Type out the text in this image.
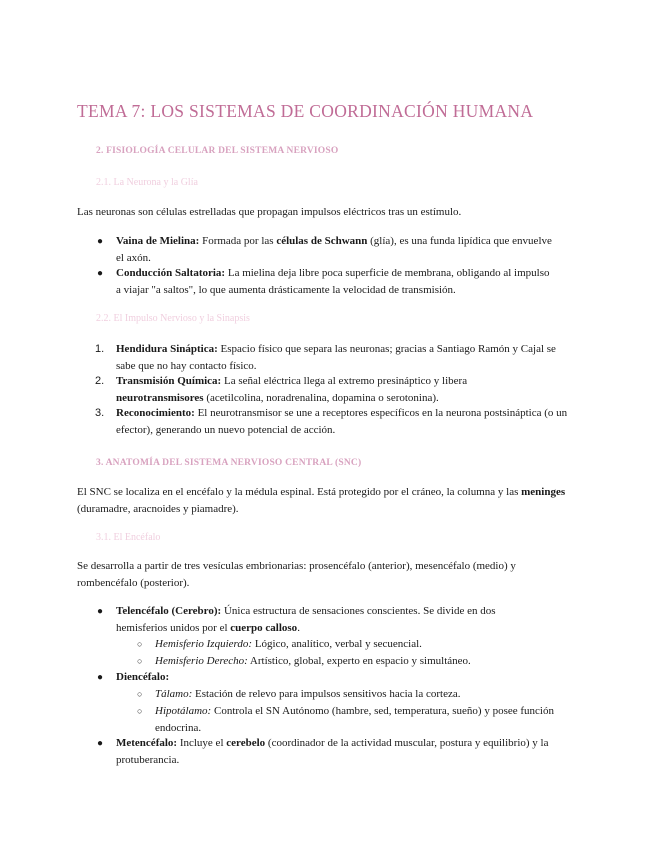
TEMA 7: LOS SISTEMAS DE COORDINACIÓN HUMANA
2. FISIOLOGÍA CELULAR DEL SISTEMA NERVIOSO
2.1. La Neurona y la Glía

Las neuronas son células estrelladas que propagan impulsos eléctricos tras un estímulo.

● Vaina de Mielina: Formada por las células de Schwann (glía), es una funda lipídica que envuelve el axón.
● Conducción Saltatoria: La mielina deja libre poca superficie de membrana, obligando al impulso a viajar "a saltos", lo que aumenta drásticamente la velocidad de transmisión.
2.2. El Impulso Nervioso y la Sinapsis
1. Hendidura Sináptica: Espacio físico que separa las neuronas; gracias a Santiago Ramón y Cajal se sabe que no hay contacto físico.
2. Transmisión Química: La señal eléctrica llega al extremo presináptico y libera neurotransmisores (acetilcolina, noradrenalina, dopamina o serotonina).
3. Reconocimiento: El neurotransmisor se une a receptores específicos en la neurona postsináptica (o un efector), generando un nuevo potencial de acción.
3. ANATOMÍA DEL SISTEMA NERVIOSO CENTRAL (SNC)

El SNC se localiza en el encéfalo y la médula espinal. Está protegido por el cráneo, la columna y las meninges (duramadre, aracnoides y piamadre).

3.1. El Encéfalo

Se desarrolla a partir de tres vesículas embrionarias: prosencéfalo (anterior), mesencéfalo (medio) y rombencéfalo (posterior).

● Telencéfalo (Cerebro): Única estructura de sensaciones conscientes. Se divide en dos hemisferios unidos por el cuerpo calloso.
○ Hemisferio Izquierdo: Lógico, analítico, verbal y secuencial.
○ Hemisferio Derecho: Artístico, global, experto en espacio y simultáneo.
● Diencéfalo:
○ Tálamo: Estación de relevo para impulsos sensitivos hacia la corteza.
○ Hipotálamo: Controla el SN Autónomo (hambre, sed, temperatura, sueño) y posee función endocrina.
● Metencéfalo: Incluye el cerebelo (coordinador de la actividad muscular, postura y equilibrio) y la protuberancia.
